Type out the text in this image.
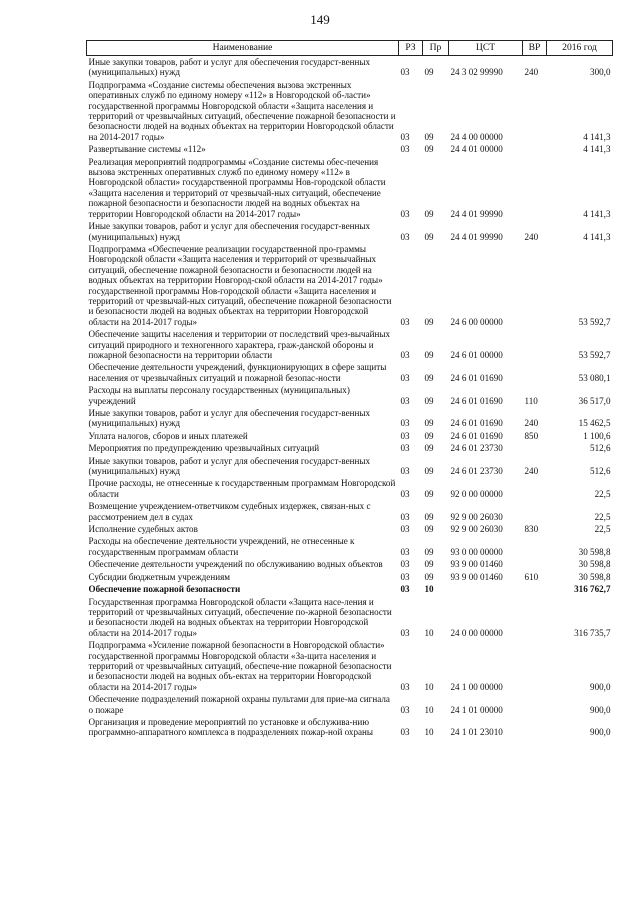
149
Наименование	РЗ	Пр	ЦСТ	ВР	2016 год
Иные закупки товаров, работ и услуг для обеспечения государст-венных (муниципальных) нужд	03	09	24 3 02 99990	240	300,0
Подпрограмма «Создание системы обеспечения вызова экстренных оперативных служб по единому номеру «112» в Новгородской об-ласти» государственной программы Новгородской области «Защита населения и территорий от чрезвычайных ситуаций, обеспечение пожарной безопасности и безопасности людей на водных объектах на территории Новгородской области на 2014-2017 годы»	03	09	24 4 00 00000		4 141,3
Развертывание системы «112»	03	09	24 4 01 00000		4 141,3
Реализация мероприятий подпрограммы «Создание системы обес-печения вызова экстренных оперативных служб по единому номеру «112» в Новгородской области» государственной программы Нов-городской области «Защита населения и территорий от чрезвычай-ных ситуаций, обеспечение пожарной безопасности и безопасности людей на водных объектах на территории Новгородской области на 2014-2017 годы»	03	09	24 4 01 99990		4 141,3
Иные закупки товаров, работ и услуг для обеспечения государст-венных (муниципальных) нужд	03	09	24 4 01 99990	240	4 141,3
Подпрограмма «Обеспечение реализации государственной про-граммы Новгородской области «Защита населения и территорий от чрезвычайных ситуаций, обеспечение пожарной безопасности и безопасности людей на водных объектах на территории Новгород-ской области на 2014-2017 годы» государственной программы Нов-городской области «Защита населения и территорий от чрезвычай-ных ситуаций, обеспечение пожарной безопасности и безопасности людей на водных объектах на территории Новгородской области на 2014-2017 годы»	03	09	24 6 00 00000		53 592,7
Обеспечение защиты населения и территории от последствий чрез-вычайных ситуаций природного и техногенного характера, граж-данской обороны и пожарной безопасности на территории области	03	09	24 6 01 00000		53 592,7
Обеспечение деятельности учреждений, функционирующих в сфере защиты населения от чрезвычайных ситуаций и пожарной безопас-ности	03	09	24 6 01 01690		53 080,1
Расходы на выплаты персоналу государственных (муниципальных) учреждений	03	09	24 6 01 01690	110	36 517,0
Иные закупки товаров, работ и услуг для обеспечения государст-венных (муниципальных) нужд	03	09	24 6 01 01690	240	15 462,5
Уплата налогов, сборов и иных платежей	03	09	24 6 01 01690	850	1 100,6
Мероприятия по предупреждению чрезвычайных ситуаций	03	09	24 6 01 23730		512,6
Иные закупки товаров, работ и услуг для обеспечения государст-венных (муниципальных) нужд	03	09	24 6 01 23730	240	512,6
Прочие расходы, не отнесенные к государственным программам Новгородской области	03	09	92 0 00 00000		22,5
Возмещение учреждением-ответчиком судебных издержек, связан-ных с рассмотрением дел в судах	03	09	92 9 00 26030		22,5
Исполнение судебных актов	03	09	92 9 00 26030	830	22,5
Расходы на обеспечение деятельности учреждений, не отнесенные к государственным программам области	03	09	93 0 00 00000		30 598,8
Обеспечение деятельности учреждений по обслуживанию водных объектов	03	09	93 9 00 01460		30 598,8
Субсидии бюджетным учреждениям	03	09	93 9 00 01460	610	30 598,8
Обеспечение пожарной безопасности	03	10			316 762,7
Государственная программа Новгородской области «Защита насе-ления и территорий от чрезвычайных ситуаций, обеспечение по-жарной безопасности и безопасности людей на водных объектах на территории Новгородской области на 2014-2017 годы»	03	10	24 0 00 00000		316 735,7
Подпрограмма «Усиление пожарной безопасности в Новгородской области» государственной программы Новгородской области «За-щита населения и территорий от чрезвычайных ситуаций, обеспече-ние пожарной безопасности и безопасности людей на водных объ-ектах на территории Новгородской области на 2014-2017 годы»	03	10	24 1 00 00000		900,0
Обеспечение подразделений пожарной охраны пультами для прие-ма сигнала о пожаре	03	10	24 1 01 00000		900,0
Организация и проведение мероприятий по установке и обслужива-нию программно-аппаратного комплекса в подразделениях пожар-ной охраны	03	10	24 1 01 23010		900,0
